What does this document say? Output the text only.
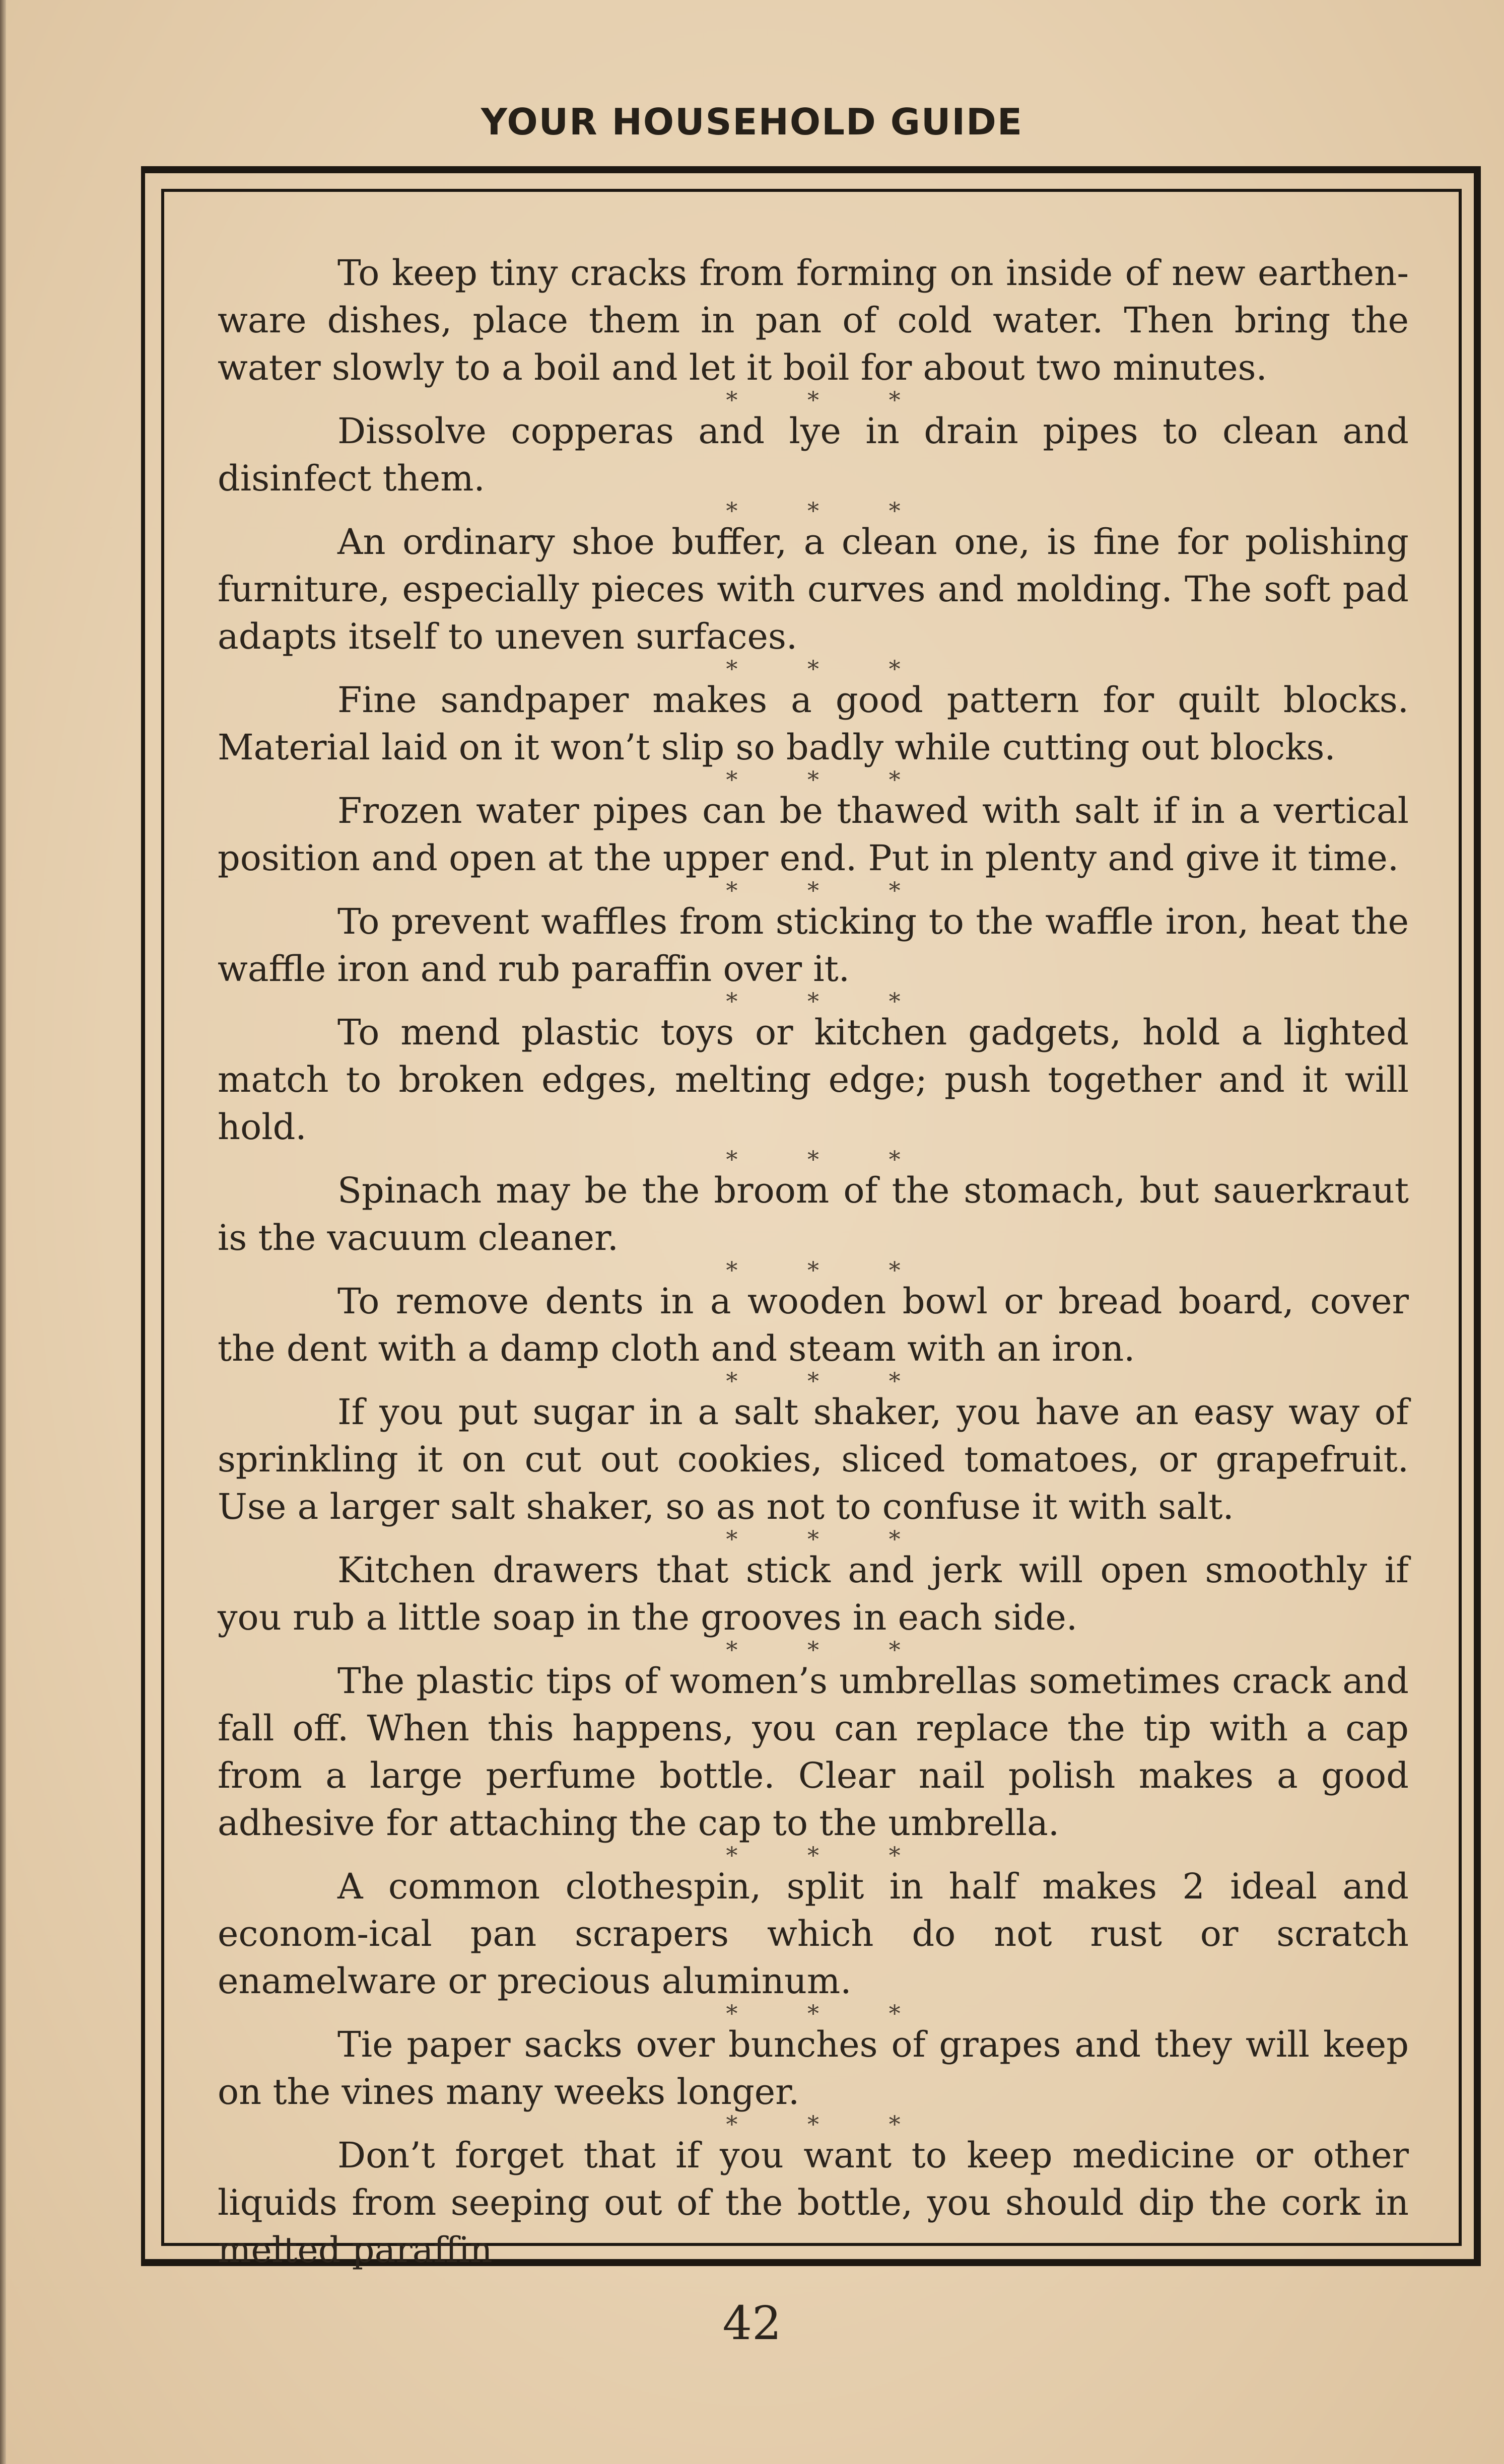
YOUR HOUSEHOLD GUIDE

To keep tiny cracks from forming on inside of new earthen-ware dishes, place them in pan of cold water. Then bring the water slowly to a boil and let it boil for about two minutes.

* * *

Dissolve copperas and lye in drain pipes to clean and disinfect them.

* * *

An ordinary shoe buffer, a clean one, is fine for polishing furniture, especially pieces with curves and molding. The soft pad adapts itself to uneven surfaces.

* * *

Fine sandpaper makes a good pattern for quilt blocks. Material laid on it won’t slip so badly while cutting out blocks.

* * *

Frozen water pipes can be thawed with salt if in a vertical position and open at the upper end. Put in plenty and give it time.

* * *

To prevent waffles from sticking to the waffle iron, heat the waffle iron and rub paraffin over it.

* * *

To mend plastic toys or kitchen gadgets, hold a lighted match to broken edges, melting edge; push together and it will hold.

* * *

Spinach may be the broom of the stomach, but sauerkraut is the vacuum cleaner.

* * *

To remove dents in a wooden bowl or bread board, cover the dent with a damp cloth and steam with an iron.

* * *

If you put sugar in a salt shaker, you have an easy way of sprinkling it on cut out cookies, sliced tomatoes, or grapefruit. Use a larger salt shaker, so as not to confuse it with salt.

* * *

Kitchen drawers that stick and jerk will open smoothly if you rub a little soap in the grooves in each side.

* * *

The plastic tips of women’s umbrellas sometimes crack and fall off. When this happens, you can replace the tip with a cap from a large perfume bottle. Clear nail polish makes a good adhesive for attaching the cap to the umbrella.

* * *

A common clothespin, split in half makes 2 ideal and econom-ical pan scrapers which do not rust or scratch enamelware or precious aluminum.

* * *

Tie paper sacks over bunches of grapes and they will keep on the vines many weeks longer.

* * *

Don’t forget that if you want to keep medicine or other liquids from seeping out of the bottle, you should dip the cork in melted paraffin

42
